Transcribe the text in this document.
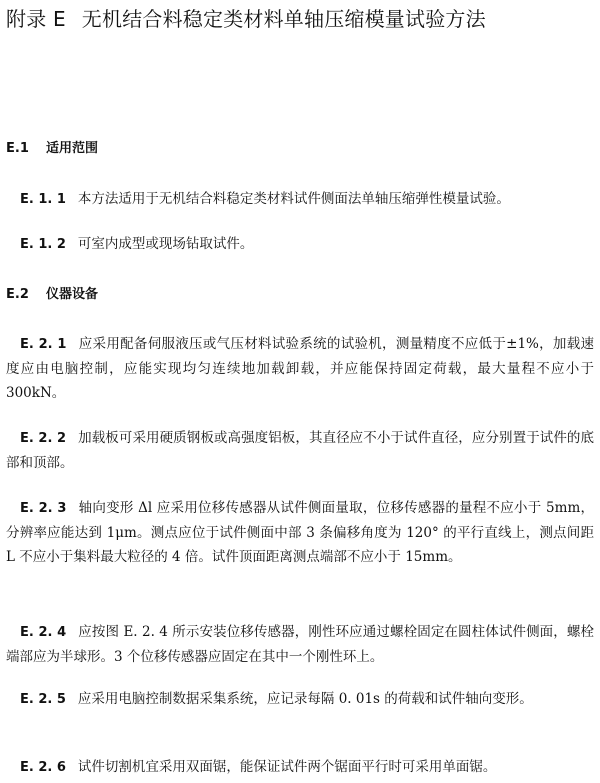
附录 E 无机结合料稳定类材料单轴压缩模量试验方法
E.1 适用范围
E. 1. 1 本方法适用于无机结合料稳定类材料试件侧面法单轴压缩弹性模量试验。
E. 1. 2 可室内成型或现场钻取试件。
E.2 仪器设备
E. 2. 1 应采用配备伺服液压或气压材料试验系统的试验机，测量精度不应低于±1%，加载速度应由电脑控制，应能实现均匀连续地加载卸载，并应能保持固定荷载，最大量程不应小于 300kN。
E. 2. 2 加载板可采用硬质钢板或高强度铝板，其直径应不小于试件直径，应分别置于试件的底部和顶部。
E. 2. 3 轴向变形 Δl 应采用位移传感器从试件侧面量取，位移传感器的量程不应小于 5mm，分辨率应能达到 1μm。测点应位于试件侧面中部 3 条偏移角度为 120° 的平行直线上，测点间距 L 不应小于集料最大粒径的 4 倍。试件顶面距离测点端部不应小于 15mm。
E. 2. 4 应按图 E. 2. 4 所示安装位移传感器，刚性环应通过螺栓固定在圆柱体试件侧面，螺栓端部应为半球形。3 个位移传感器应固定在其中一个刚性环上。
E. 2. 5 应采用电脑控制数据采集系统，应记录每隔 0. 01s 的荷载和试件轴向变形。
E. 2. 6 试件切割机宜采用双面锯，能保证试件两个锯面平行时可采用单面锯。
